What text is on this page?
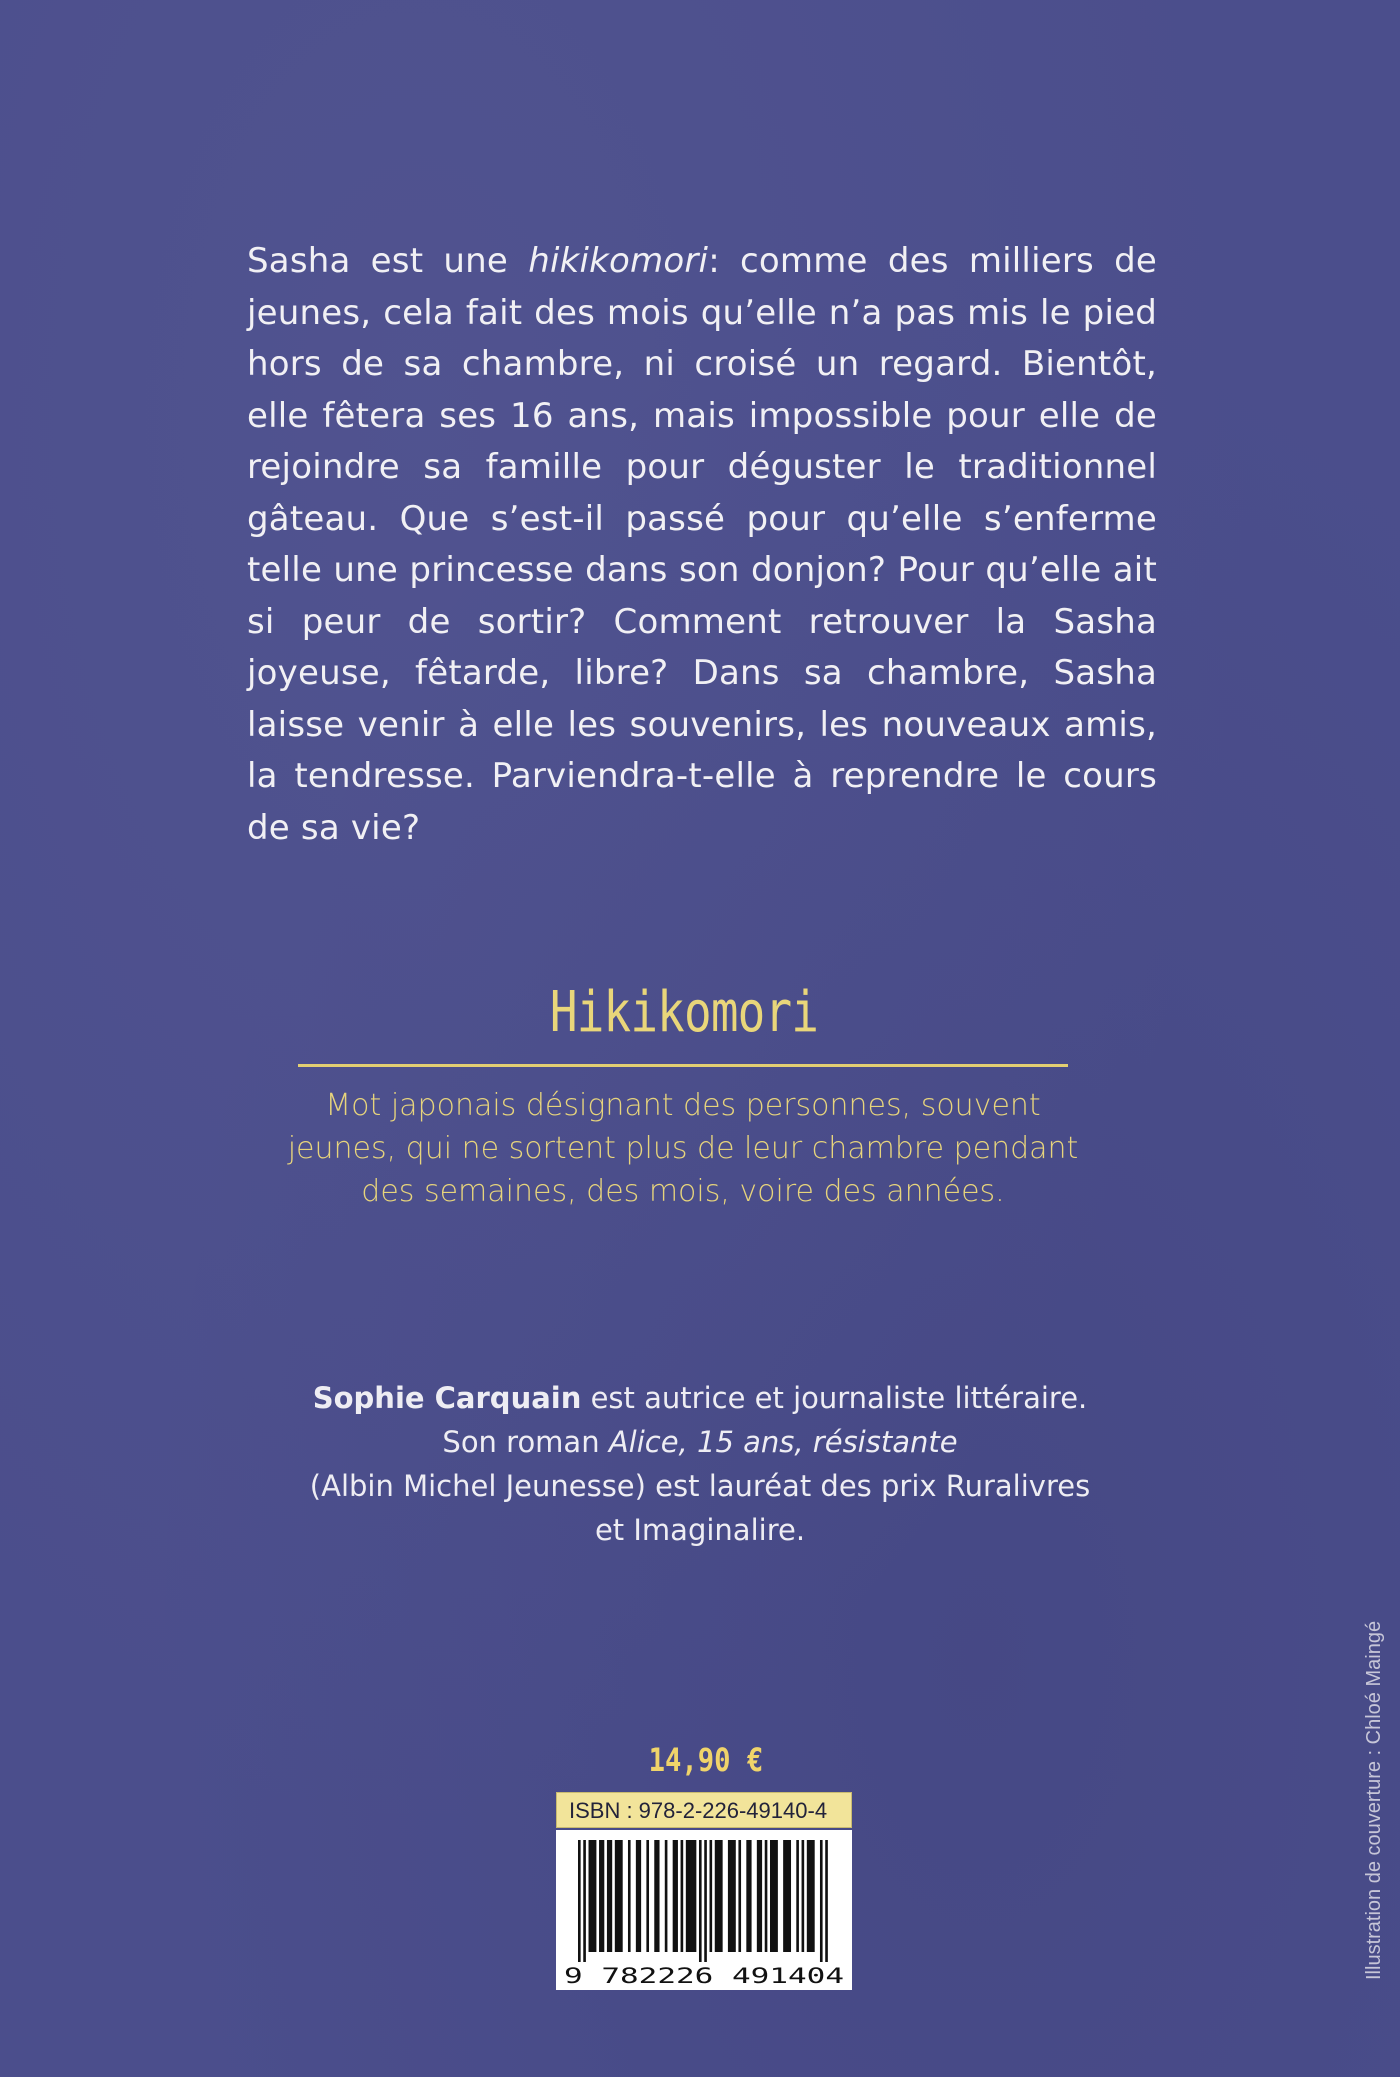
Sasha est une hikikomori: comme des milliers de jeunes, cela fait des mois qu’elle n’a pas mis le pied hors de sa chambre, ni croisé un regard. Bientôt, elle fêtera ses 16 ans, mais impossible pour elle de rejoindre sa famille pour déguster le traditionnel gâteau. Que s’est-il passé pour qu’elle s’enferme telle une princesse dans son donjon? Pour qu’elle ait si peur de sortir? Comment retrouver la Sasha joyeuse, fêtarde, libre? Dans sa chambre, Sasha laisse venir à elle les souvenirs, les nouveaux amis, la tendresse. Parviendra-t-elle à reprendre le cours de sa vie?

Hikikomori

Mot japonais désignant des personnes, souvent jeunes, qui ne sortent plus de leur chambre pendant des semaines, des mois, voire des années.

Sophie Carquain est autrice et journaliste littéraire.
Son roman Alice, 15 ans, résistante
(Albin Michel Jeunesse) est lauréat des prix Ruralivres
et Imaginalire.

14,90 €
ISBN : 978-2-226-49140-4
9 782226 491404	Illustration de couverture : Chloé Maingé
